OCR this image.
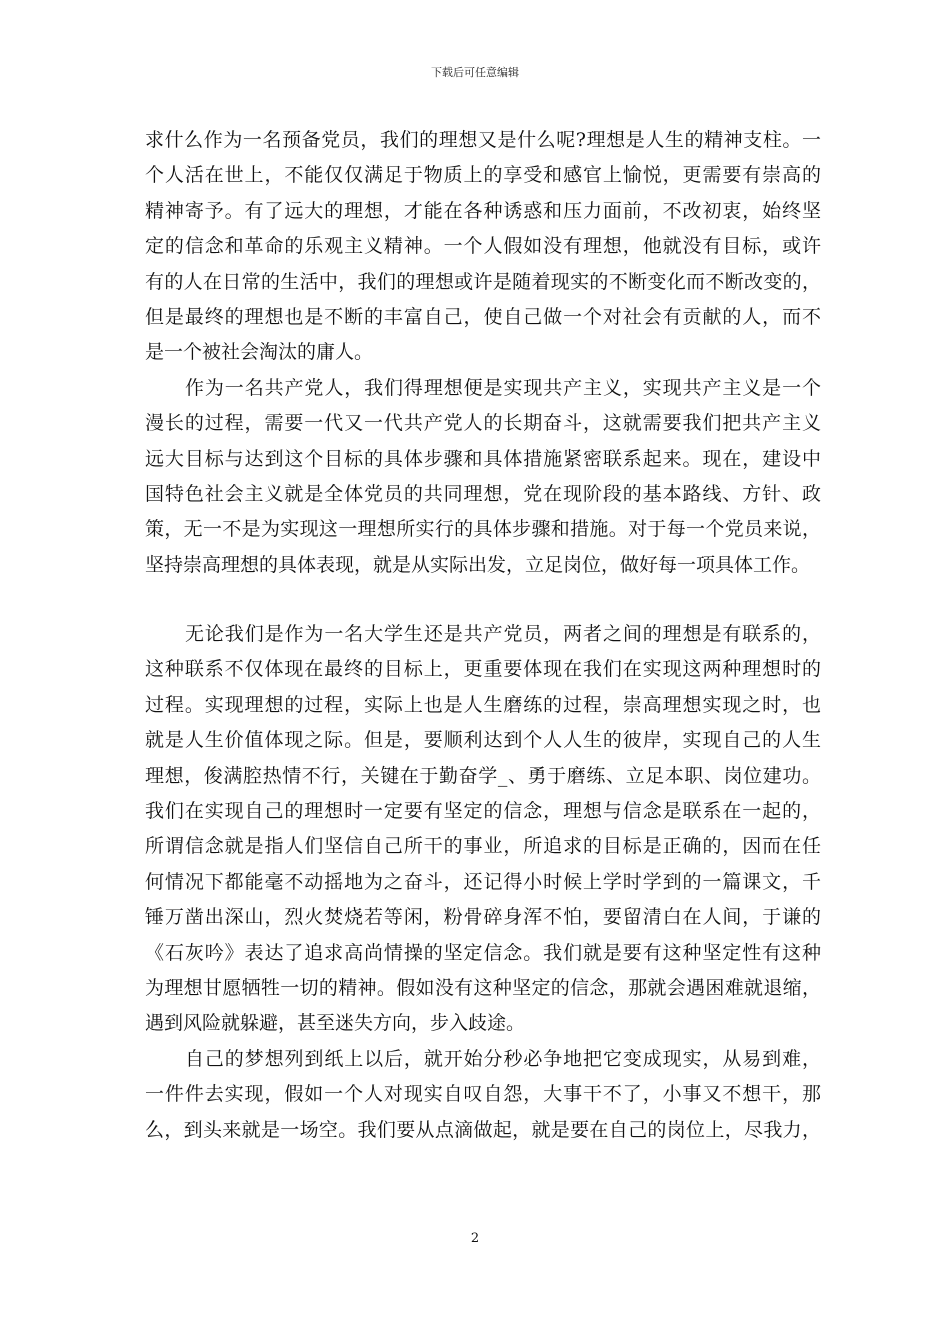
下载后可任意编辑
求什么作为一名预备党员，我们的理想又是什么呢?理想是人生的精神支柱。一
个人活在世上，不能仅仅满足于物质上的享受和感官上愉悦，更需要有崇高的
精神寄予。有了远大的理想，才能在各种诱惑和压力面前，不改初衷，始终坚
定的信念和革命的乐观主义精神。一个人假如没有理想，他就没有目标，或许
有的人在日常的生活中，我们的理想或许是随着现实的不断变化而不断改变的，
但是最终的理想也是不断的丰富自己，使自己做一个对社会有贡献的人，而不
是一个被社会淘汰的庸人。
作为一名共产党人，我们得理想便是实现共产主义，实现共产主义是一个
漫长的过程，需要一代又一代共产党人的长期奋斗，这就需要我们把共产主义
远大目标与达到这个目标的具体步骤和具体措施紧密联系起来。现在，建设中
国特色社会主义就是全体党员的共同理想，党在现阶段的基本路线、方针、政
策，无一不是为实现这一理想所实行的具体步骤和措施。对于每一个党员来说，
坚持崇高理想的具体表现，就是从实际出发，立足岗位，做好每一项具体工作。
无论我们是作为一名大学生还是共产党员，两者之间的理想是有联系的，
这种联系不仅体现在最终的目标上，更重要体现在我们在实现这两种理想时的
过程。实现理想的过程，实际上也是人生磨练的过程，崇高理想实现之时，也
就是人生价值体现之际。但是，要顺利达到个人人生的彼岸，实现自己的人生
理想，俊满腔热情不行，关键在于勤奋学_、勇于磨练、立足本职、岗位建功。
我们在实现自己的理想时一定要有坚定的信念，理想与信念是联系在一起的，
所谓信念就是指人们坚信自己所干的事业，所追求的目标是正确的，因而在任
何情况下都能毫不动摇地为之奋斗，还记得小时候上学时学到的一篇课文，千
锤万凿出深山，烈火焚烧若等闲，粉骨碎身浑不怕，要留清白在人间，于谦的
《石灰吟》表达了追求高尚情操的坚定信念。我们就是要有这种坚定性有这种
为理想甘愿牺牲一切的精神。假如没有这种坚定的信念，那就会遇困难就退缩，
遇到风险就躲避，甚至迷失方向，步入歧途。
自己的梦想列到纸上以后，就开始分秒必争地把它变成现实，从易到难，
一件件去实现，假如一个人对现实自叹自怨，大事干不了，小事又不想干，那
么，到头来就是一场空。我们要从点滴做起，就是要在自己的岗位上，尽我力，
2
